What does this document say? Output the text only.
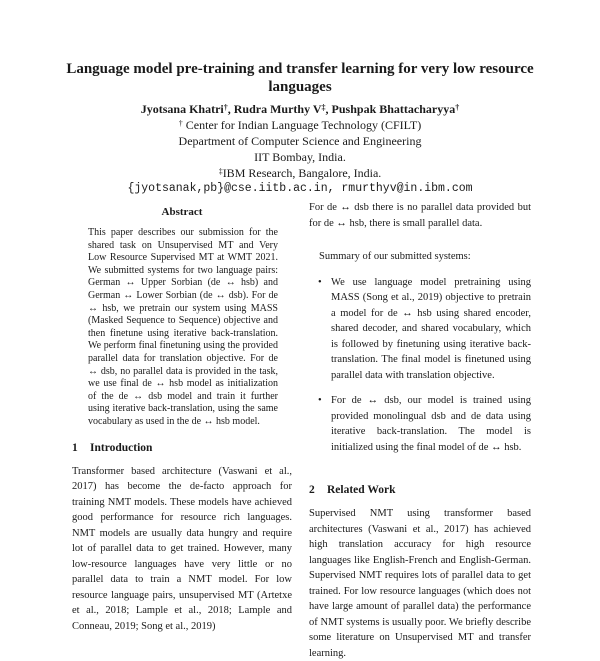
Language model pre-training and transfer learning for very low resource languages
Jyotsana Khatri†, Rudra Murthy V‡, Pushpak Bhattacharyya†
† Center for Indian Language Technology (CFILT)
Department of Computer Science and Engineering
IIT Bombay, India.
‡IBM Research, Bangalore, India.
{jyotsanak,pb}@cse.iitb.ac.in, rmurthyv@in.ibm.com
Abstract

This paper describes our submission for the shared task on Unsupervised MT and Very Low Resource Supervised MT at WMT 2021. We submitted systems for two language pairs: German ↔ Upper Sorbian (de ↔ hsb) and German ↔ Lower Sorbian (de ↔ dsb). For de ↔ hsb, we pretrain our system using MASS (Masked Sequence to Sequence) objective and then finetune using iterative back-translation. We perform final finetuning using the provided parallel data for translation objective. For de ↔ dsb, no parallel data is provided in the task, we use final de ↔ hsb model as initialization of the de ↔ dsb model and train it further using iterative back-translation, using the same vocabulary as used in the de ↔ hsb model.

1 Introduction

Transformer based architecture (Vaswani et al., 2017) has become the de-facto approach for training NMT models. These models have achieved good performance for resource rich languages. NMT models are usually data hungry and require lot of parallel data to get trained. However, many low-resource languages have very little or no parallel data to train a NMT model. For low resource language pairs, unsupervised MT (Artetxe et al., 2018; Lample et al., 2018; Lample and Conneau, 2019; Song et al., 2019)

For de ↔ dsb there is no parallel data provided but for de ↔ hsb, there is small parallel data.

Summary of our submitted systems:

• We use language model pretraining using MASS (Song et al., 2019) objective to pretrain a model for de ↔ hsb using shared encoder, shared decoder, and shared vocabulary, which is followed by finetuning using iterative back-translation. The final model is finetuned using parallel data with translation objective.
• For de ↔ dsb, our model is trained using provided monolingual dsb and de data using iterative back-translation. The model is initialized using the final model of de ↔ hsb.
2 Related Work

Supervised NMT using transformer based architectures (Vaswani et al., 2017) has achieved high translation accuracy for high resource languages like English-French and English-German. Supervised NMT requires lots of parallel data to get trained. For low resource languages (which does not have large amount of parallel data) the performance of NMT systems is usually poor. We briefly describe some literature on Unsupervised MT and transfer learning.
